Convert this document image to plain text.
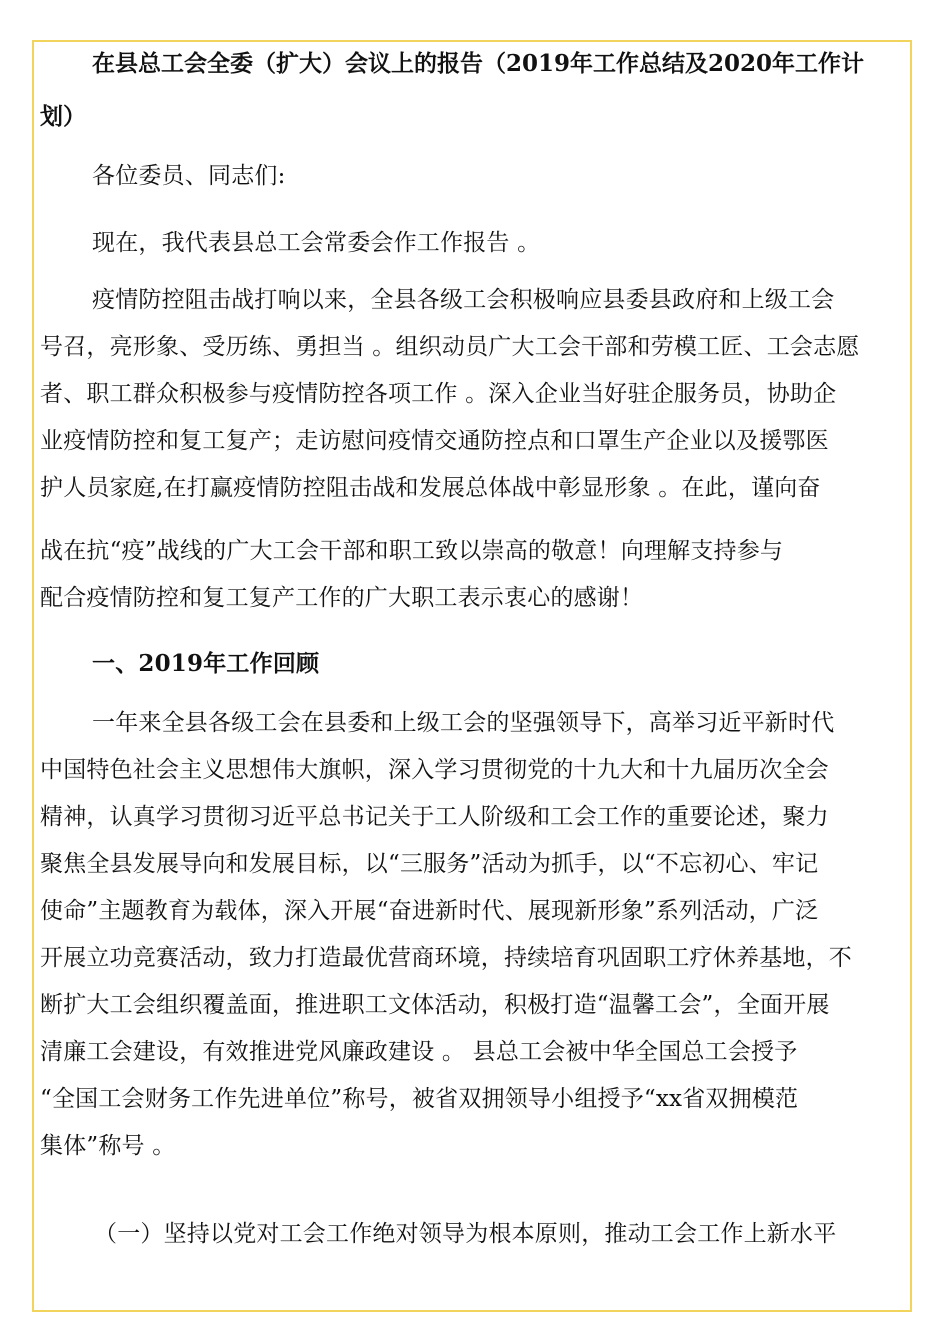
在县总工会全委（扩大）会议上的报告（2019年工作总结及2020年工作计
划）
各位委员、同志们:
现在，我代表县总工会常委会作工作报告 。
疫情防控阻击战打响以来，全县各级工会积极响应县委县政府和上级工会
号召，亮形象、受历练、勇担当 。组织动员广大工会干部和劳模工匠、工会志愿
者、职工群众积极参与疫情防控各项工作 。深入企业当好驻企服务员，协助企
业疫情防控和复工复产；走访慰问疫情交通防控点和口罩生产企业以及援鄂医
护人员家庭,在打赢疫情防控阻击战和发展总体战中彰显形象 。在此，谨向奋
战在抗“疫”战线的广大工会干部和职工致以崇高的敬意！向理解支持参与
配合疫情防控和复工复产工作的广大职工表示衷心的感谢！
一、2019年工作回顾
一年来全县各级工会在县委和上级工会的坚强领导下，高举习近平新时代
中国特色社会主义思想伟大旗帜，深入学习贯彻党的十九大和十九届历次全会
精神，认真学习贯彻习近平总书记关于工人阶级和工会工作的重要论述，聚力
聚焦全县发展导向和发展目标，以“三服务”活动为抓手，以“不忘初心、牢记
使命”主题教育为载体，深入开展“奋进新时代、展现新形象”系列活动，广泛
开展立功竞赛活动，致力打造最优营商环境，持续培育巩固职工疗休养基地，不
断扩大工会组织覆盖面，推进职工文体活动，积极打造“温馨工会”，全面开展
清廉工会建设，有效推进党风廉政建设 。 县总工会被中华全国总工会授予
“全国工会财务工作先进单位”称号，被省双拥领导小组授予“xx省双拥模范
集体”称号 。
（一）坚持以党对工会工作绝对领导为根本原则，推动工会工作上新水平
